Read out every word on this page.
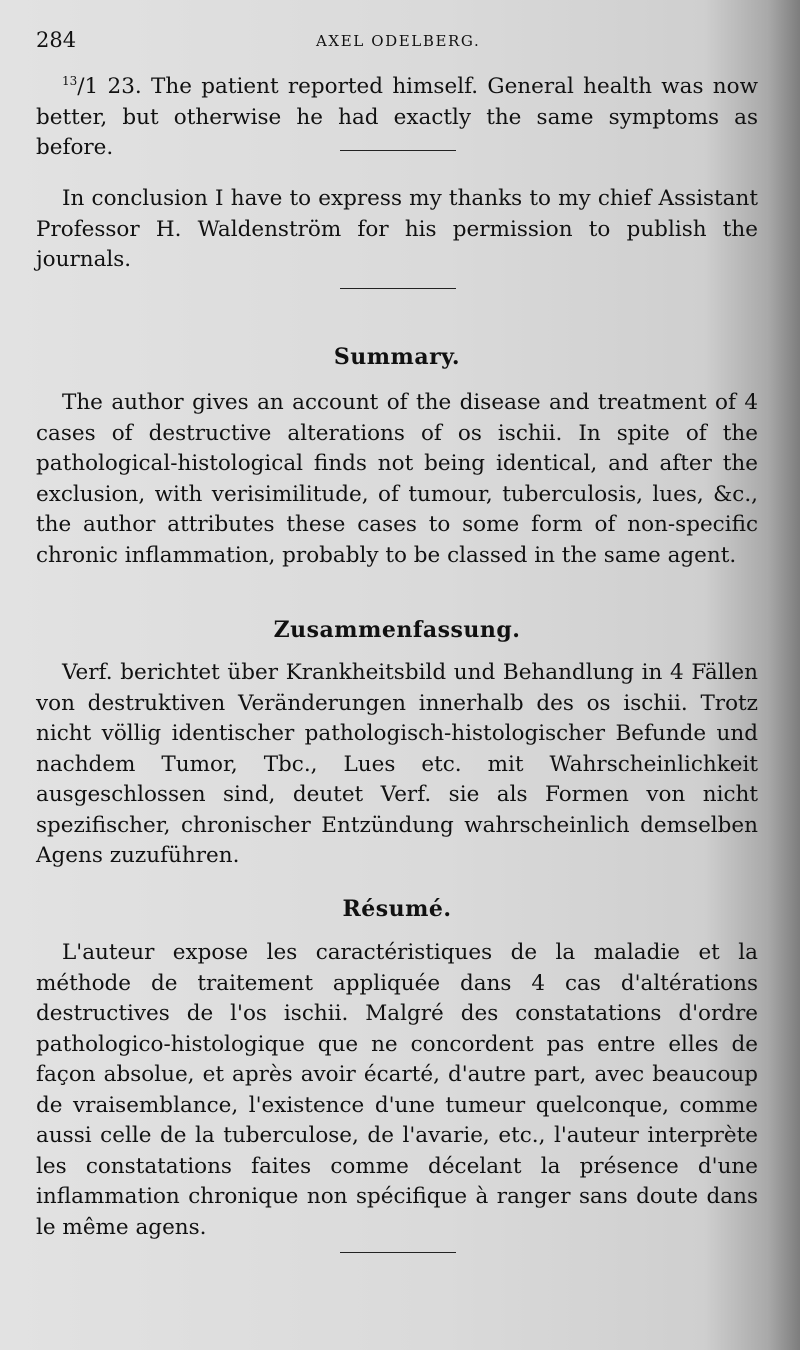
284	AXEL ODELBERG.

$^{13}$/1 23. The patient reported himself. General health was now better, but otherwise he had exactly the same symptoms as before.

In conclusion I have to express my thanks to my chief Assistant Professor H. Waldenström for his permission to publish the journals.

Summary.

The author gives an account of the disease and treatment of 4 cases of destructive alterations of os ischii. In spite of the pathological-histological finds not being identical, and after the exclusion, with verisimilitude, of tumour, tuberculosis, lues, &c., the author attributes these cases to some form of non-specific chronic inflammation, probably to be classed in the same agent.

Zusammenfassung.

Verf. berichtet über Krankheitsbild und Behandlung in 4 Fällen von destruktiven Veränderungen innerhalb des os ischii. Trotz nicht völlig identischer pathologisch-histologischer Befunde und nachdem Tumor, Tbc., Lues etc. mit Wahrscheinlichkeit ausgeschlossen sind, deutet Verf. sie als Formen von nicht spezifischer, chronischer Entzündung wahrscheinlich demselben Agens zuzuführen.

Résumé.

L'auteur expose les caractéristiques de la maladie et la méthode de traitement appliquée dans 4 cas d'altérations destructives de l'os ischii. Malgré des constatations d'ordre pathologico-histologique que ne concordent pas entre elles de façon absolue, et après avoir écarté, d'autre part, avec beaucoup de vraisemblance, l'existence d'une tumeur quelconque, comme aussi celle de la tuberculose, de l'avarie, etc., l'auteur interprète les constatations faites comme décelant la présence d'une inflammation chronique non spécifique à ranger sans doute dans le même agens.
